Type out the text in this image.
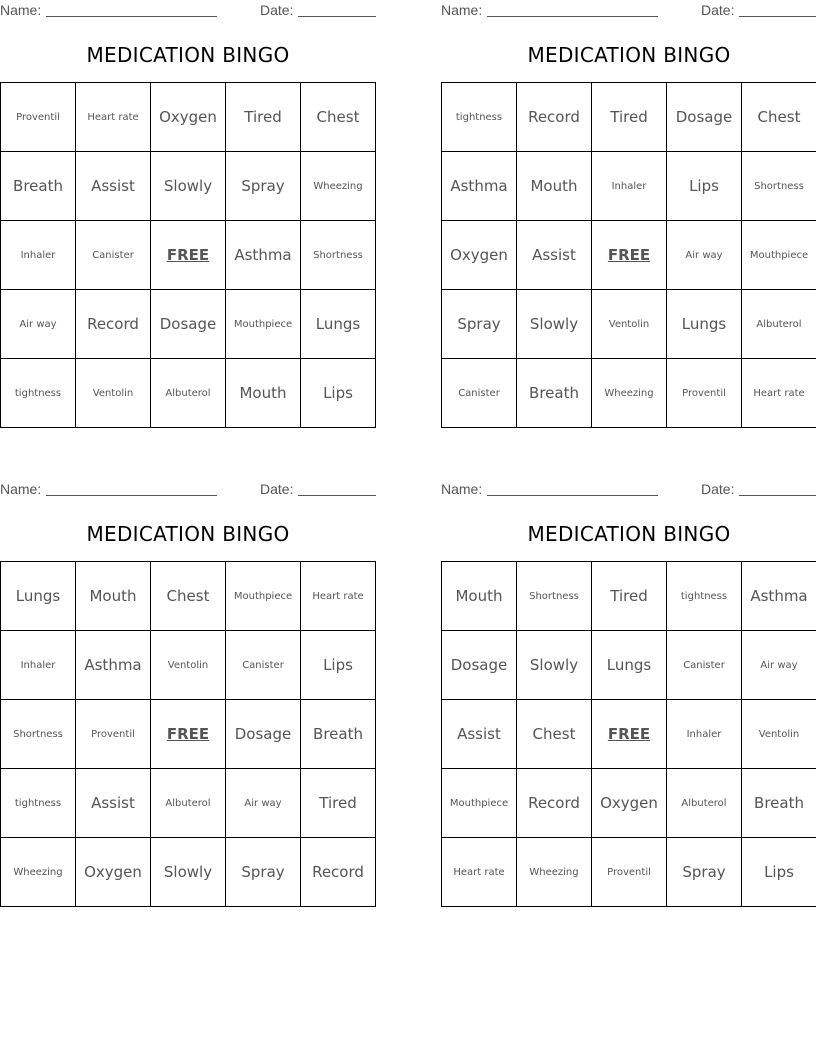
Name:	Date:
MEDICATION BINGO
Proventil	Heart rate	Oxygen	Tired	Chest
Breath	Assist	Slowly	Spray	Wheezing
Inhaler	Canister	FREE	Asthma	Shortness
Air way	Record	Dosage	Mouthpiece	Lungs
tightness	Ventolin	Albuterol	Mouth	Lips
Name:	Date:
MEDICATION BINGO
tightness	Record	Tired	Dosage	Chest
Asthma	Mouth	Inhaler	Lips	Shortness
Oxygen	Assist	FREE	Air way	Mouthpiece
Spray	Slowly	Ventolin	Lungs	Albuterol
Canister	Breath	Wheezing	Proventil	Heart rate
Name:	Date:
MEDICATION BINGO
Lungs	Mouth	Chest	Mouthpiece	Heart rate
Inhaler	Asthma	Ventolin	Canister	Lips
Shortness	Proventil	FREE	Dosage	Breath
tightness	Assist	Albuterol	Air way	Tired
Wheezing	Oxygen	Slowly	Spray	Record
Name:	Date:
MEDICATION BINGO
Mouth	Shortness	Tired	tightness	Asthma
Dosage	Slowly	Lungs	Canister	Air way
Assist	Chest	FREE	Inhaler	Ventolin
Mouthpiece	Record	Oxygen	Albuterol	Breath
Heart rate	Wheezing	Proventil	Spray	Lips
